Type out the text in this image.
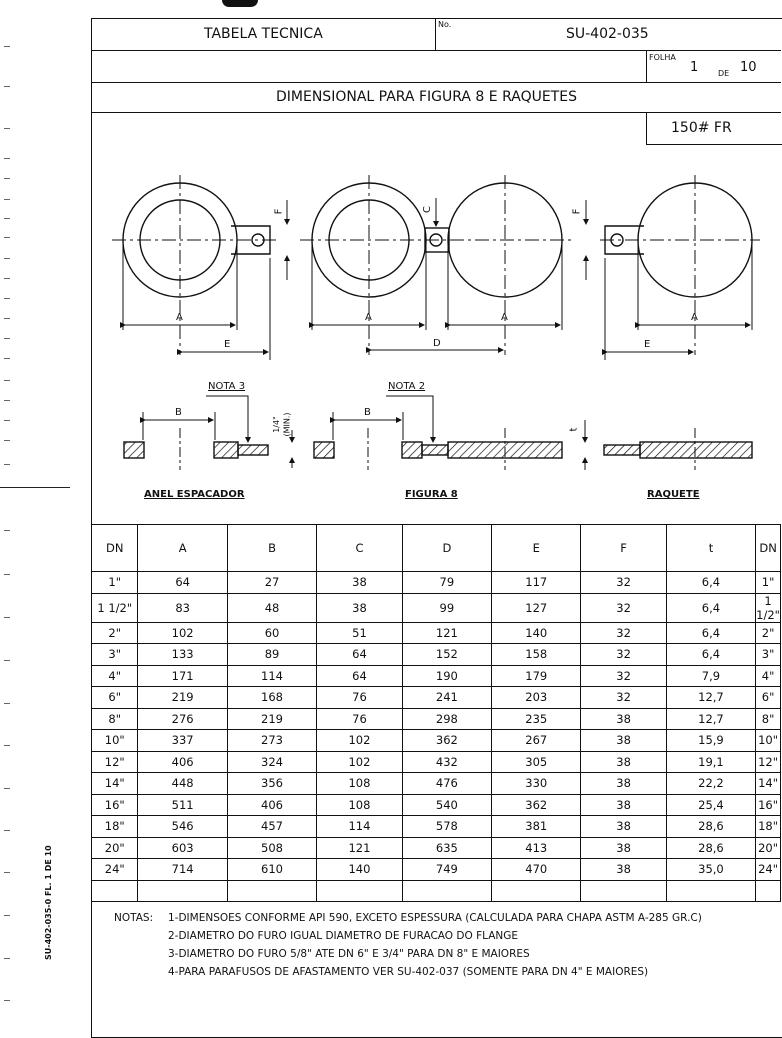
TABELA TECNICA
No.
SU-402-035
FOLHA
1 DE 10
DIMENSIONAL PARA FIGURA 8 E RAQUETES
150# FR
A
E
A	A
D
A
E
F	C	F
B	B
t
1/4" (MIN.)
NOTA 3	NOTA 2
ANEL ESPACADOR	FIGURA 8	RAQUETE
DN	A	B	C	D	E	F	t	DN
1"	64	27	38	79	117	32	6,4	1"
1 1/2"	83	48	38	99	127	32	6,4	1 1/2"
2"	102	60	51	121	140	32	6,4	2"
3"	133	89	64	152	158	32	6,4	3"
4"	171	114	64	190	179	32	7,9	4"
6"	219	168	76	241	203	32	12,7	6"
8"	276	219	76	298	235	38	12,7	8"
10"	337	273	102	362	267	38	15,9	10"
12"	406	324	102	432	305	38	19,1	12"
14"	448	356	108	476	330	38	22,2	14"
16"	511	406	108	540	362	38	25,4	16"
18"	546	457	114	578	381	38	28,6	18"
20"	603	508	121	635	413	38	28,6	20"
24"	714	610	140	749	470	38	35,0	24"

NOTAS: 1-DIMENSOES CONFORME API 590, EXCETO ESPESSURA (CALCULADA PARA CHAPA ASTM A-285 GR.C)
2-DIAMETRO DO FURO IGUAL DIAMETRO DE FURACAO DO FLANGE
3-DIAMETRO DO FURO 5/8" ATE DN 6" E 3/4" PARA DN 8" E MAIORES
4-PARA PARAFUSOS DE AFASTAMENTO VER SU-402-037 (SOMENTE PARA DN 4" E MAIORES)
SU-402-035-0 FL. 1 DE 10
